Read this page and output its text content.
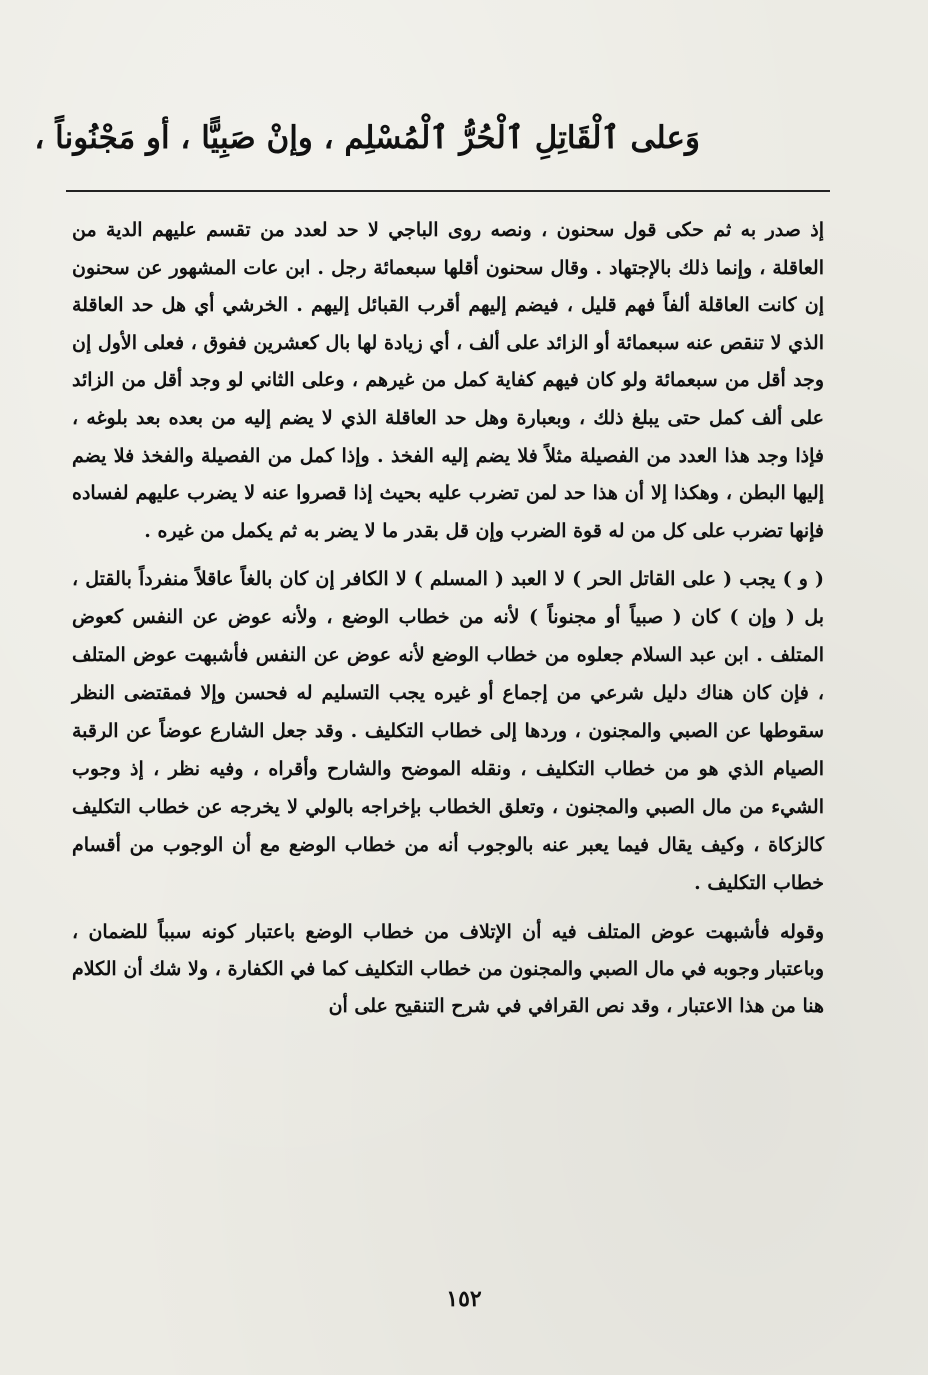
وَعلى ٱلْقَاتِلِ ٱلْحُرُّ ٱلْمُسْلِم ، وإنْ صَبِيًّا ، أو مَجْنُوناً ،

إذ صدر به ثم حكى قول سحنون ، ونصه روى الباجي لا حد لعدد من تقسم عليهم الدية من العاقلة ، وإنما ذلك بالإجتهاد . وقال سحنون أقلها سبعمائة رجل . ابن عات المشهور عن سحنون إن كانت العاقلة ألفاً فهم قليل ، فيضم إليهم أقرب القبائل إليهم . الخرشي أي هل حد العاقلة الذي لا تنقص عنه سبعمائة أو الزائد على ألف ، أي زيادة لها بال كعشرين ففوق ، فعلى الأول إن وجد أقل من سبعمائة ولو كان فيهم كفاية كمل من غيرهم ، وعلى الثاني لو وجد أقل من الزائد على ألف كمل حتى يبلغ ذلك ، وبعبارة وهل حد العاقلة الذي لا يضم إليه من بعده بعد بلوغه ، فإذا وجد هذا العدد من الفصيلة مثلاً فلا يضم إليه الفخذ . وإذا كمل من الفصيلة والفخذ فلا يضم إليها البطن ، وهكذا إلا أن هذا حد لمن تضرب عليه بحيث إذا قصروا عنه لا يضرب عليهم لفساده فإنها تضرب على كل من له قوة الضرب وإن قل بقدر ما لا يضر به ثم يكمل من غيره .

( و ) يجب ( على القاتل الحر ) لا العبد ( المسلم ) لا الكافر إن كان بالغاً عاقلاً منفرداً بالقتل ، بل ( وإن ) كان ( صبياً أو مجنوناً ) لأنه من خطاب الوضع ، ولأنه عوض عن النفس كعوض المتلف . ابن عبد السلام جعلوه من خطاب الوضع لأنه عوض عن النفس فأشبهت عوض المتلف ، فإن كان هناك دليل شرعي من إجماع أو غيره يجب التسليم له فحسن وإلا فمقتضى النظر سقوطها عن الصبي والمجنون ، وردها إلى خطاب التكليف . وقد جعل الشارع عوضاً عن الرقبة الصيام الذي هو من خطاب التكليف ، ونقله الموضح والشارح وأقراه ، وفيه نظر ، إذ وجوب الشيء من مال الصبي والمجنون ، وتعلق الخطاب بإخراجه بالولي لا يخرجه عن خطاب التكليف كالزكاة ، وكيف يقال فيما يعبر عنه بالوجوب أنه من خطاب الوضع مع أن الوجوب من أقسام خطاب التكليف .

وقوله فأشبهت عوض المتلف فيه أن الإتلاف من خطاب الوضع باعتبار كونه سبباً للضمان ، وباعتبار وجوبه في مال الصبي والمجنون من خطاب التكليف كما في الكفارة ، ولا شك أن الكلام هنا من هذا الاعتبار ، وقد نص القرافي في شرح التنقيح على أن

١٥٢
